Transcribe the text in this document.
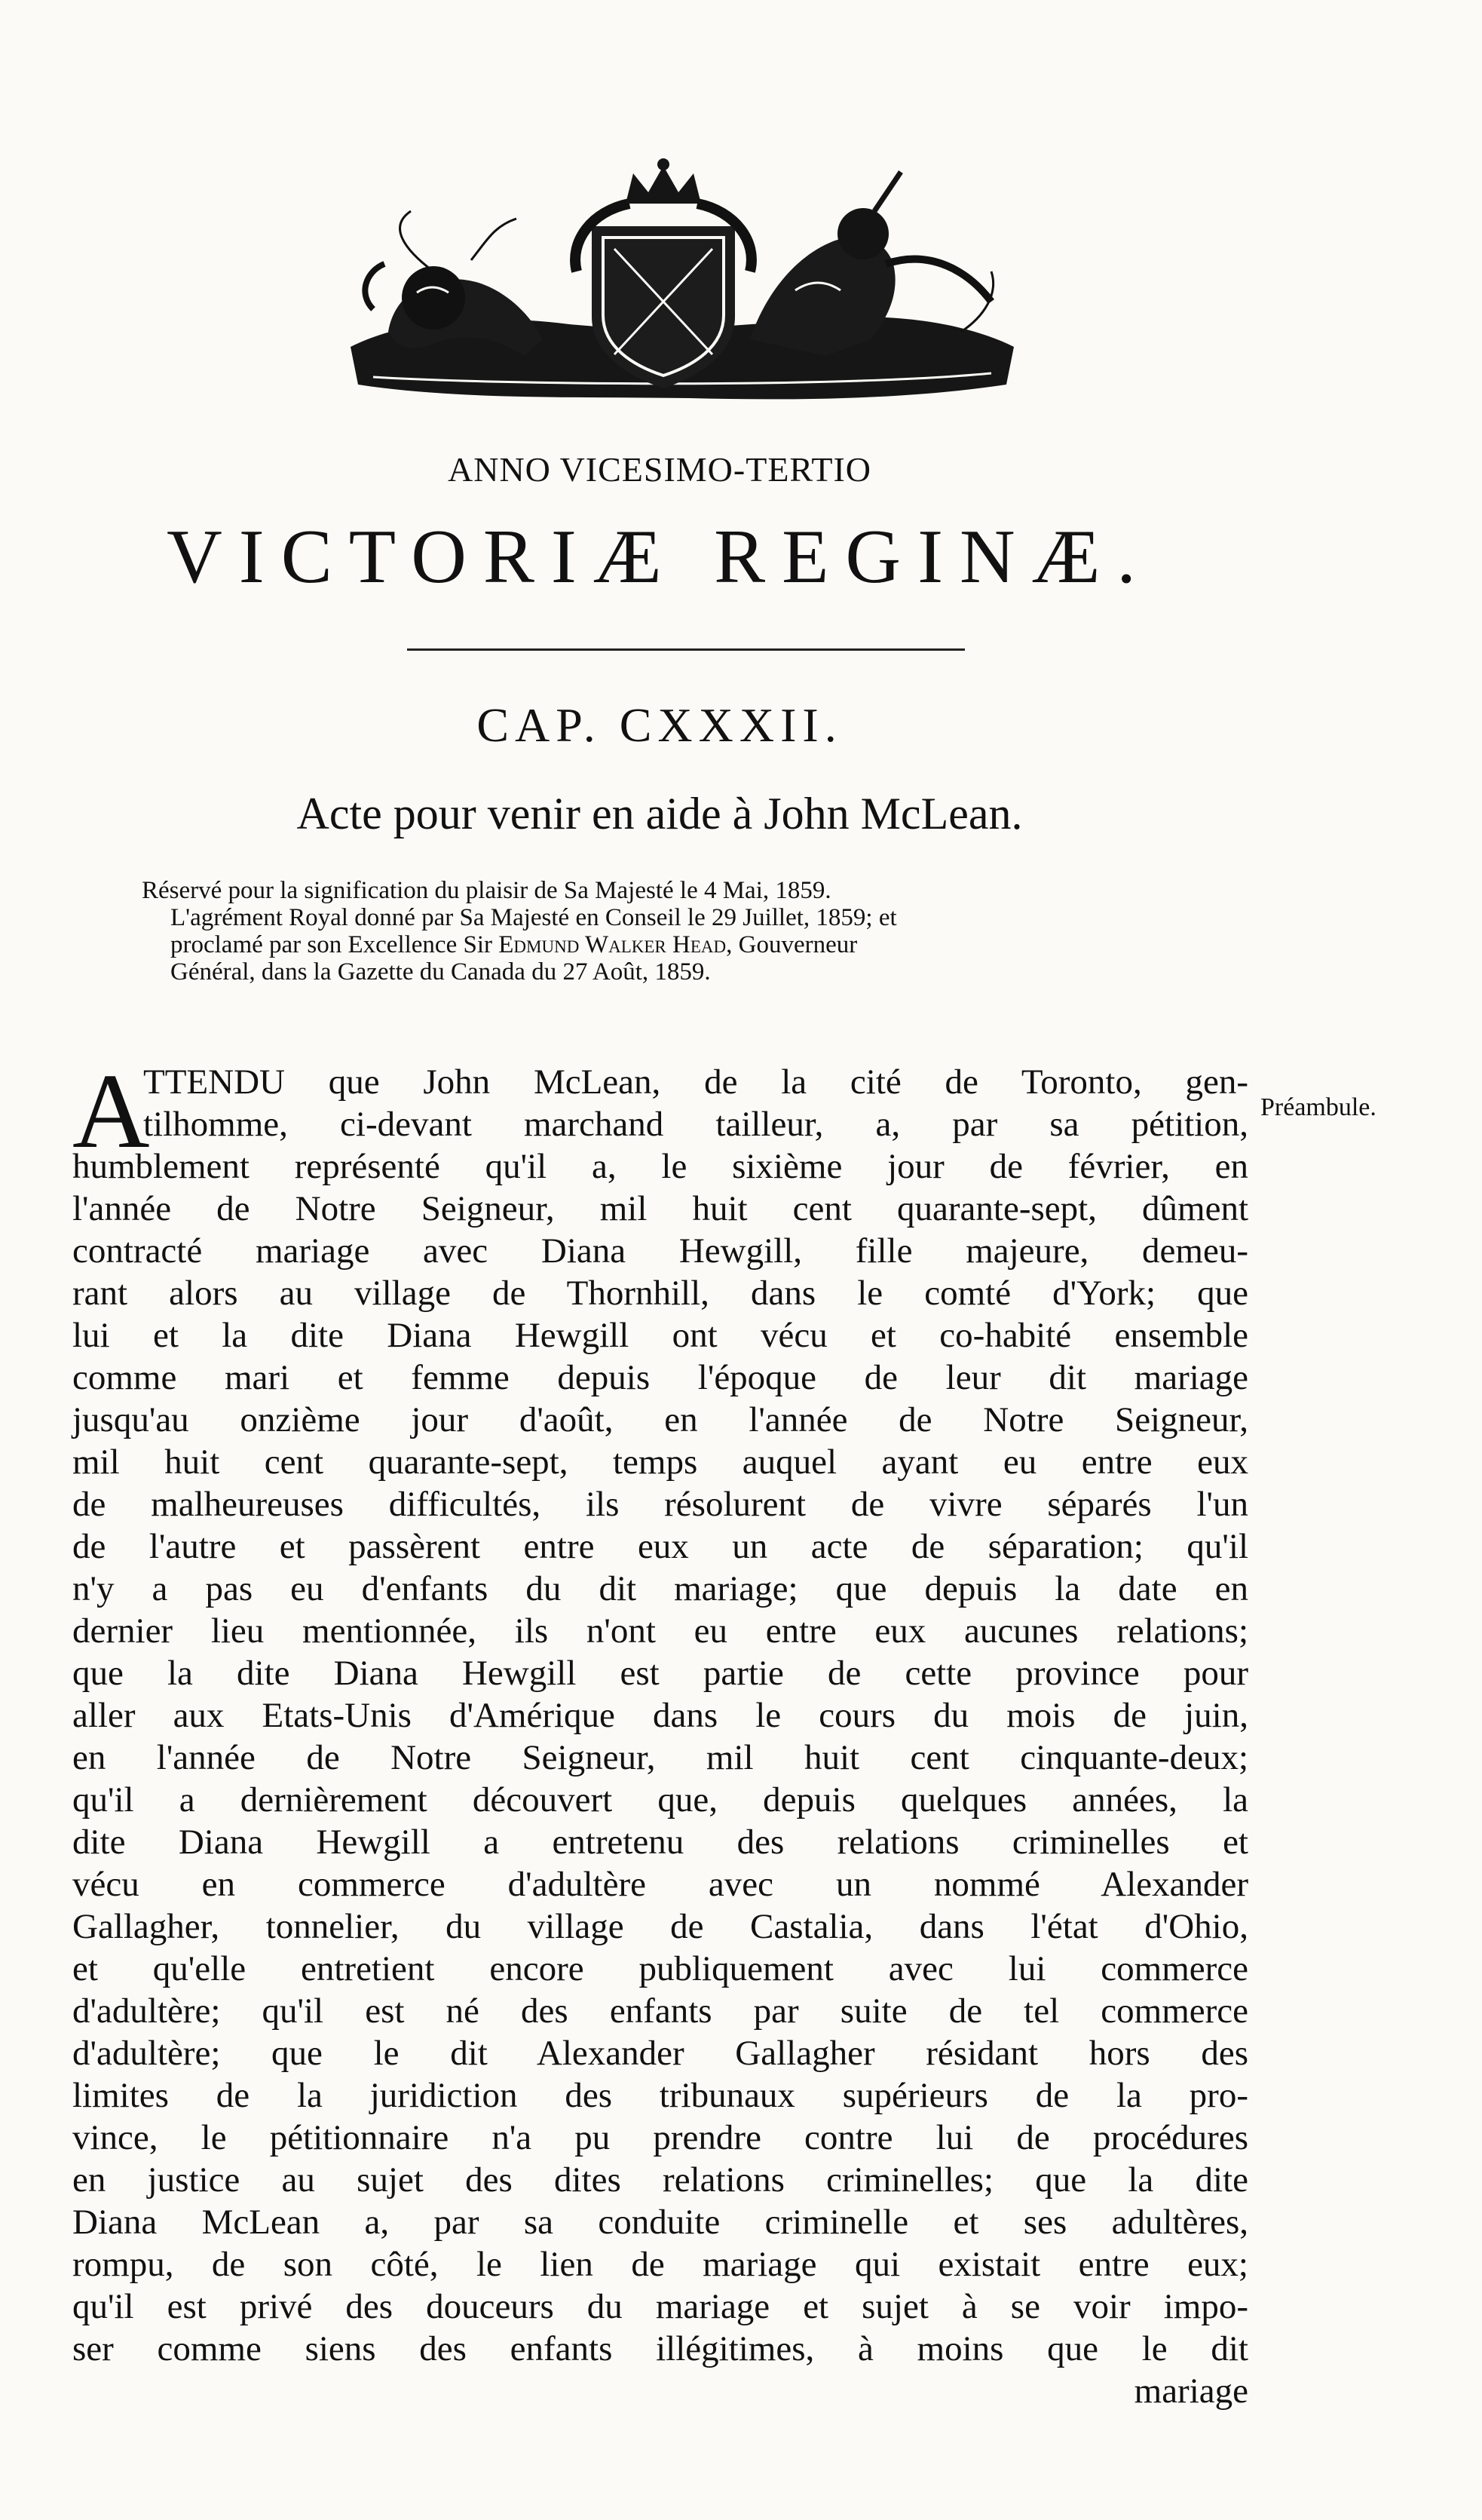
ANNO VICESIMO-TERTIO
VICTORIÆ REGINÆ.
CAP. CXXXII.
Acte pour venir en aide à John McLean.
Réservé pour la signification du plaisir de Sa Majesté le 4 Mai, 1859.
L'agrément Royal donné par Sa Majesté en Conseil le 29 Juillet, 1859; et
proclamé par son Excellence Sir Edmund Walker Head, Gouverneur
Général, dans la Gazette du Canada du 27 Août, 1859.
Préambule.
A
TTENDU que John McLean, de la cité de Toronto, gen-
tilhomme, ci-devant marchand tailleur, a, par sa pétition,
humblement représenté qu'il a, le sixième jour de février, en
l'année de Notre Seigneur, mil huit cent quarante-sept, dûment
contracté mariage avec Diana Hewgill, fille majeure, demeu-
rant alors au village de Thornhill, dans le comté d'York; que
lui et la dite Diana Hewgill ont vécu et co-habité ensemble
comme mari et femme depuis l'époque de leur dit mariage
jusqu'au onzième jour d'août, en l'année de Notre Seigneur,
mil huit cent quarante-sept, temps auquel ayant eu entre eux
de malheureuses difficultés, ils résolurent de vivre séparés l'un
de l'autre et passèrent entre eux un acte de séparation; qu'il
n'y a pas eu d'enfants du dit mariage; que depuis la date en
dernier lieu mentionnée, ils n'ont eu entre eux aucunes relations;
que la dite Diana Hewgill est partie de cette province pour
aller aux Etats-Unis d'Amérique dans le cours du mois de juin,
en l'année de Notre Seigneur, mil huit cent cinquante-deux;
qu'il a dernièrement découvert que, depuis quelques années, la
dite Diana Hewgill a entretenu des relations criminelles et
vécu en commerce d'adultère avec un nommé Alexander
Gallagher, tonnelier, du village de Castalia, dans l'état d'Ohio,
et qu'elle entretient encore publiquement avec lui commerce
d'adultère; qu'il est né des enfants par suite de tel commerce
d'adultère; que le dit Alexander Gallagher résidant hors des
limites de la juridiction des tribunaux supérieurs de la pro-
vince, le pétitionnaire n'a pu prendre contre lui de procédures
en justice au sujet des dites relations criminelles; que la dite
Diana McLean a, par sa conduite criminelle et ses adultères,
rompu, de son côté, le lien de mariage qui existait entre eux;
qu'il est privé des douceurs du mariage et sujet à se voir impo-
ser comme siens des enfants illégitimes, à moins que le dit
mariage
